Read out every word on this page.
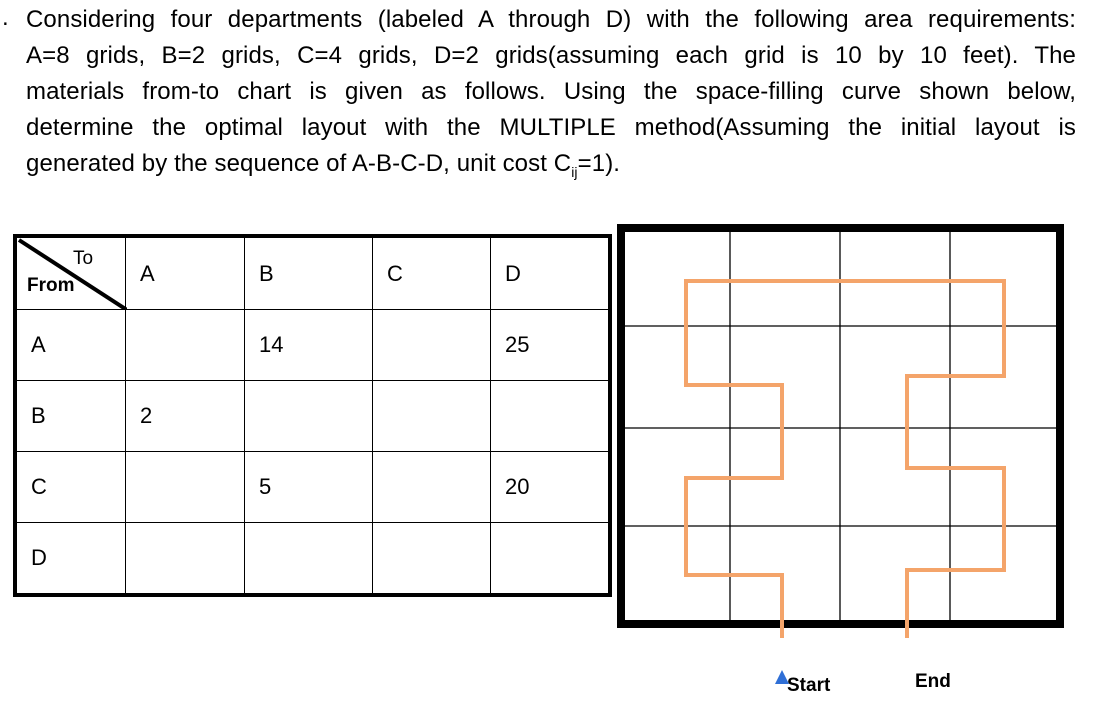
. Considering four departments (labeled A through D) with the following area requirements:
A=8 grids, B=2 grids, C=4 grids, D=2 grids(assuming each grid is 10 by 10 feet). The
materials from-to chart is given as follows. Using the space-filling curve shown below,
determine the optimal layout with the MULTIPLE method(Assuming the initial layout is
generated by the sequence of A-B-C-D, unit cost $C_{ij}=1$).
To
From	A	B	C	D
A		14		25
B	2			
C		5		20
D				
Start	End
